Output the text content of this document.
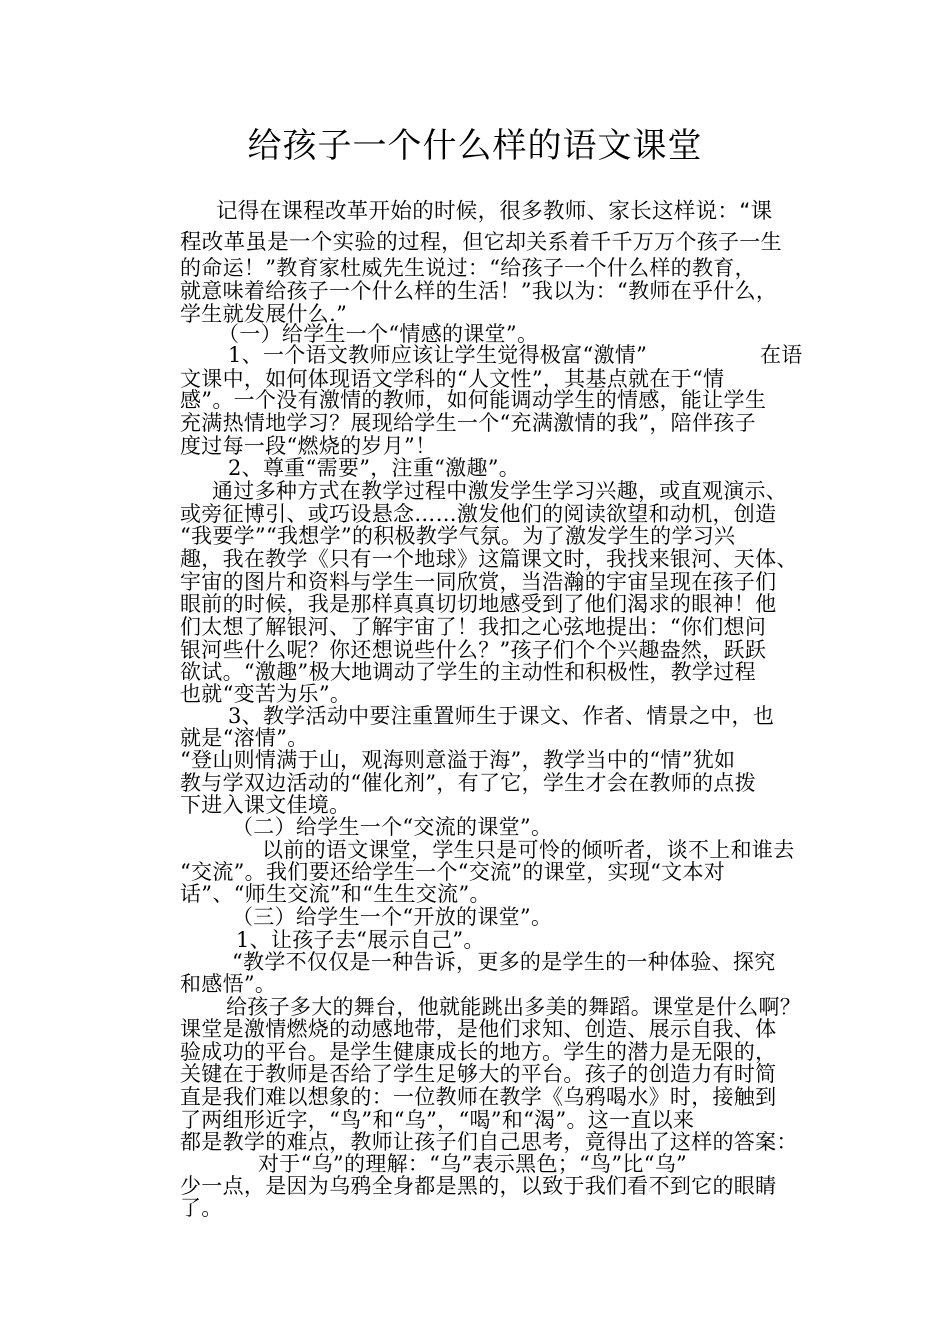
给孩子一个什么样的语文课堂
记得在课程改革开始的时候，很多教师、家长这样说：“课
程改革虽是一个实验的过程，但它却关系着千千万万个孩子一生
的命运！”教育家杜威先生说过：“给孩子一个什么样的教育，
就意味着给孩子一个什么样的生活！”我以为：“教师在乎什么，
学生就发展什么.”
（一）给学生一个“情感的课堂”。
1、一个语文教师应该让学生觉得极富“激情”	在语
文课中，如何体现语文学科的“人文性”，其基点就在于“情
感”。一个没有激情的教师，如何能调动学生的情感，能让学生
充满热情地学习？展现给学生一个“充满激情的我”，陪伴孩子
度过每一段“燃烧的岁月”！
2、尊重“需要”，注重“激趣”。
通过多种方式在教学过程中激发学生学习兴趣，或直观演示、
或旁征博引、或巧设悬念……激发他们的阅读欲望和动机，创造
“我要学”“我想学”的积极教学气氛。为了激发学生的学习兴
趣，我在教学《只有一个地球》这篇课文时，我找来银河、天体、
宇宙的图片和资料与学生一同欣赏，当浩瀚的宇宙呈现在孩子们
眼前的时候，我是那样真真切切地感受到了他们渴求的眼神！他
们太想了解银河、了解宇宙了！我扣之心弦地提出：“你们想问
银河些什么呢？你还想说些什么？”孩子们个个兴趣盎然，跃跃
欲试。“激趣”极大地调动了学生的主动性和积极性，教学过程
也就“变苦为乐”。
3、教学活动中要注重置师生于课文、作者、情景之中，也
就是“溶情”。
“登山则情满于山，观海则意溢于海”，教学当中的“情”犹如
教与学双边活动的“催化剂”，有了它，学生才会在教师的点拨
下进入课文佳境。
（二）给学生一个“交流的课堂”。
以前的语文课堂，学生只是可怜的倾听者，谈不上和谁去
“交流”。我们要还给学生一个“交流”的课堂，实现“文本对
话”、“师生交流”和“生生交流”。
（三）给学生一个“开放的课堂”。
1、让孩子去“展示自己”。
“教学不仅仅是一种告诉，更多的是学生的一种体验、探究
和感悟”。
给孩子多大的舞台，他就能跳出多美的舞蹈。课堂是什么啊？
课堂是激情燃烧的动感地带，是他们求知、创造、展示自我、体
验成功的平台。是学生健康成长的地方。学生的潜力是无限的，
关键在于教师是否给了学生足够大的平台。孩子的创造力有时简
直是我们难以想象的：一位教师在教学《乌鸦喝水》时，接触到
了两组形近字，“鸟”和“乌”，“喝”和“渴”。这一直以来
都是教学的难点，教师让孩子们自己思考，竟得出了这样的答案：
对于“乌”的理解：“乌”表示黑色；“鸟”比“乌”
少一点，是因为乌鸦全身都是黑的，以致于我们看不到它的眼睛
了。
